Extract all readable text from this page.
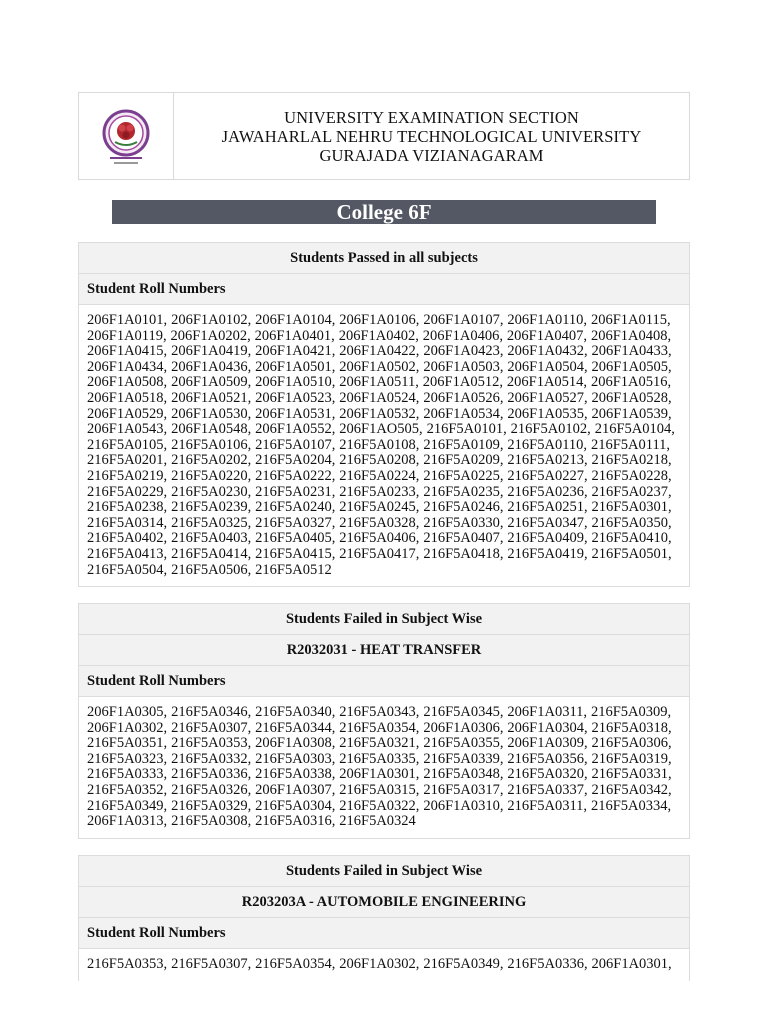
UNIVERSITY EXAMINATION SECTION
JAWAHARLAL NEHRU TECHNOLOGICAL UNIVERSITY
GURAJADA VIZIANAGARAM
College 6F
Students Passed in all subjects
Student Roll Numbers
206F1A0101, 206F1A0102, 206F1A0104, 206F1A0106, 206F1A0107, 206F1A0110, 206F1A0115,
206F1A0119, 206F1A0202, 206F1A0401, 206F1A0402, 206F1A0406, 206F1A0407, 206F1A0408,
206F1A0415, 206F1A0419, 206F1A0421, 206F1A0422, 206F1A0423, 206F1A0432, 206F1A0433,
206F1A0434, 206F1A0436, 206F1A0501, 206F1A0502, 206F1A0503, 206F1A0504, 206F1A0505,
206F1A0508, 206F1A0509, 206F1A0510, 206F1A0511, 206F1A0512, 206F1A0514, 206F1A0516,
206F1A0518, 206F1A0521, 206F1A0523, 206F1A0524, 206F1A0526, 206F1A0527, 206F1A0528,
206F1A0529, 206F1A0530, 206F1A0531, 206F1A0532, 206F1A0534, 206F1A0535, 206F1A0539,
206F1A0543, 206F1A0548, 206F1A0552, 206F1AO505, 216F5A0101, 216F5A0102, 216F5A0104,
216F5A0105, 216F5A0106, 216F5A0107, 216F5A0108, 216F5A0109, 216F5A0110, 216F5A0111,
216F5A0201, 216F5A0202, 216F5A0204, 216F5A0208, 216F5A0209, 216F5A0213, 216F5A0218,
216F5A0219, 216F5A0220, 216F5A0222, 216F5A0224, 216F5A0225, 216F5A0227, 216F5A0228,
216F5A0229, 216F5A0230, 216F5A0231, 216F5A0233, 216F5A0235, 216F5A0236, 216F5A0237,
216F5A0238, 216F5A0239, 216F5A0240, 216F5A0245, 216F5A0246, 216F5A0251, 216F5A0301,
216F5A0314, 216F5A0325, 216F5A0327, 216F5A0328, 216F5A0330, 216F5A0347, 216F5A0350,
216F5A0402, 216F5A0403, 216F5A0405, 216F5A0406, 216F5A0407, 216F5A0409, 216F5A0410,
216F5A0413, 216F5A0414, 216F5A0415, 216F5A0417, 216F5A0418, 216F5A0419, 216F5A0501,
216F5A0504, 216F5A0506, 216F5A0512
Students Failed in Subject Wise
R2032031 - HEAT TRANSFER
Student Roll Numbers
206F1A0305, 216F5A0346, 216F5A0340, 216F5A0343, 216F5A0345, 206F1A0311, 216F5A0309,
206F1A0302, 216F5A0307, 216F5A0344, 216F5A0354, 206F1A0306, 206F1A0304, 216F5A0318,
216F5A0351, 216F5A0353, 206F1A0308, 216F5A0321, 216F5A0355, 206F1A0309, 216F5A0306,
216F5A0323, 216F5A0332, 216F5A0303, 216F5A0335, 216F5A0339, 216F5A0356, 216F5A0319,
216F5A0333, 216F5A0336, 216F5A0338, 206F1A0301, 216F5A0348, 216F5A0320, 216F5A0331,
216F5A0352, 216F5A0326, 206F1A0307, 216F5A0315, 216F5A0317, 216F5A0337, 216F5A0342,
216F5A0349, 216F5A0329, 216F5A0304, 216F5A0322, 206F1A0310, 216F5A0311, 216F5A0334,
206F1A0313, 216F5A0308, 216F5A0316, 216F5A0324
Students Failed in Subject Wise
R203203A - AUTOMOBILE ENGINEERING
Student Roll Numbers
216F5A0353, 216F5A0307, 216F5A0354, 206F1A0302, 216F5A0349, 216F5A0336, 206F1A0301,
